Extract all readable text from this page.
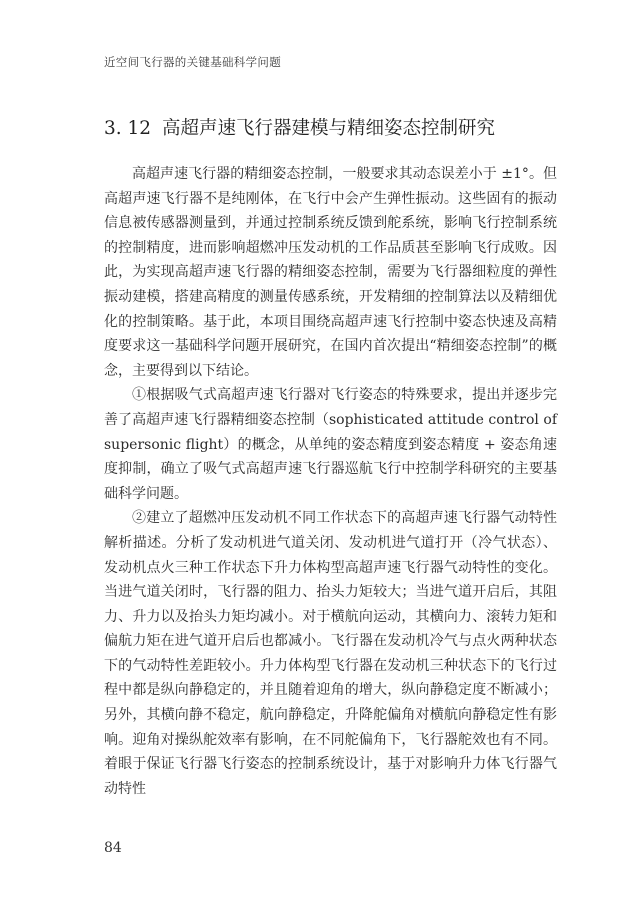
近空间飞行器的关键基础科学问题
3. 12 高超声速飞行器建模与精细姿态控制研究

高超声速飞行器的精细姿态控制，一般要求其动态误差小于 ±1°。但高超声速飞行器不是纯刚体，在飞行中会产生弹性振动。这些固有的振动信息被传感器测量到，并通过控制系统反馈到舵系统，影响飞行控制系统的控制精度，进而影响超燃冲压发动机的工作品质甚至影响飞行成败。因此，为实现高超声速飞行器的精细姿态控制，需要为飞行器细粒度的弹性振动建模，搭建高精度的测量传感系统，开发精细的控制算法以及精细优化的控制策略。基于此，本项目围绕高超声速飞行控制中姿态快速及高精度要求这一基础科学问题开展研究，在国内首次提出“精细姿态控制”的概念，主要得到以下结论。

①根据吸气式高超声速飞行器对飞行姿态的特殊要求，提出并逐步完善了高超声速飞行器精细姿态控制（sophisticated attitude control of supersonic flight）的概念，从单纯的姿态精度到姿态精度 + 姿态角速度抑制，确立了吸气式高超声速飞行器巡航飞行中控制学科研究的主要基础科学问题。

②建立了超燃冲压发动机不同工作状态下的高超声速飞行器气动特性解析描述。分析了发动机进气道关闭、发动机进气道打开（冷气状态）、发动机点火三种工作状态下升力体构型高超声速飞行器气动特性的变化。当进气道关闭时，飞行器的阻力、抬头力矩较大；当进气道开启后，其阻力、升力以及抬头力矩均减小。对于横航向运动，其横向力、滚转力矩和偏航力矩在进气道开启后也都减小。飞行器在发动机冷气与点火两种状态下的气动特性差距较小。升力体构型飞行器在发动机三种状态下的飞行过程中都是纵向静稳定的，并且随着迎角的增大，纵向静稳定度不断减小；另外，其横向静不稳定，航向静稳定，升降舵偏角对横航向静稳定性有影响。迎角对操纵舵效率有影响，在不同舵偏角下，飞行器舵效也有不同。着眼于保证飞行器飞行姿态的控制系统设计，基于对影响升力体飞行器气动特性

84
